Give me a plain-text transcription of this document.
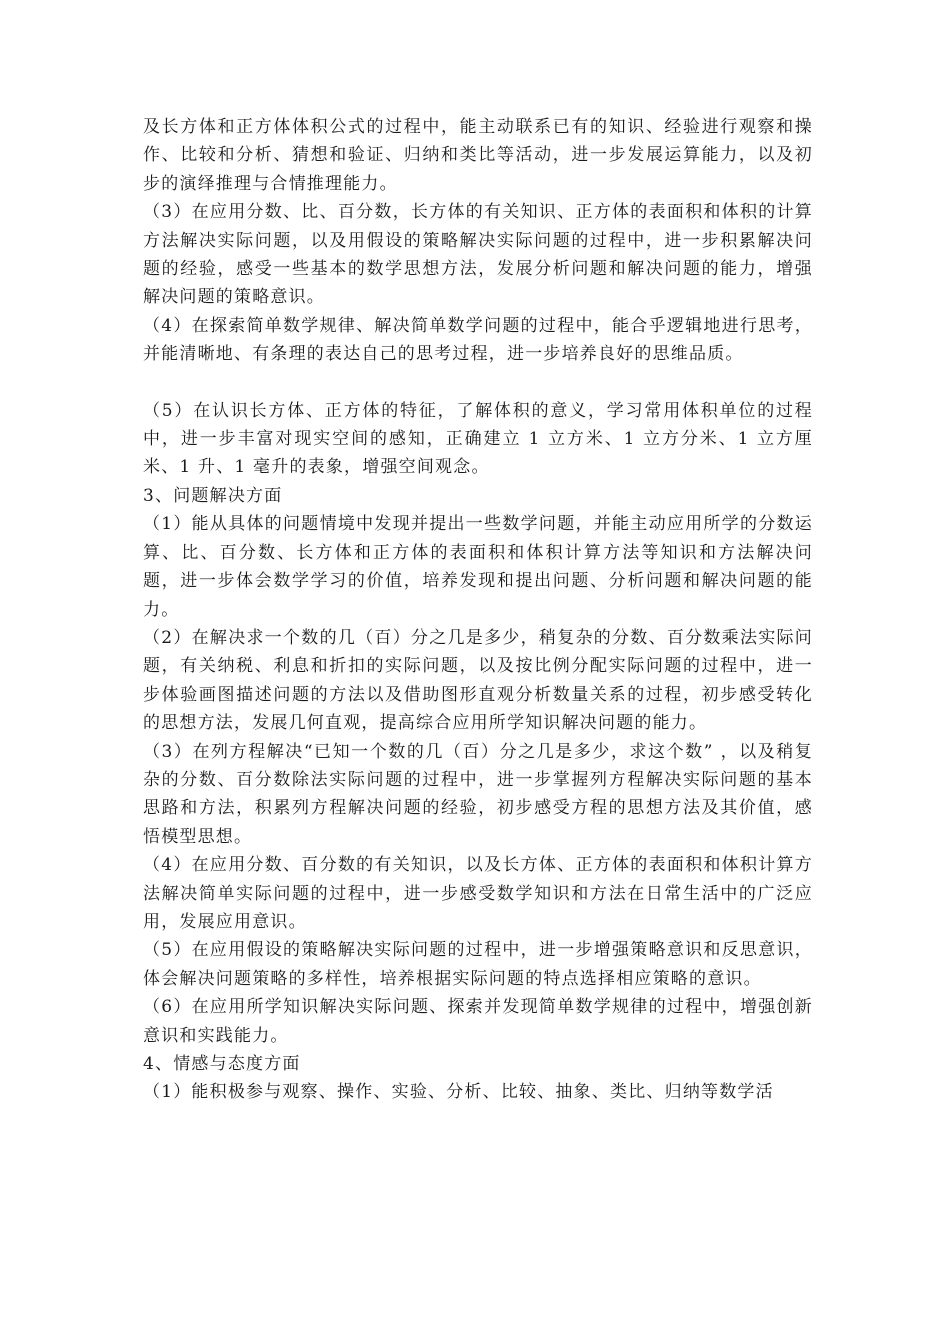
及长方体和正方体体积公式的过程中，能主动联系已有的知识、经验进行观察和操作、比较和分析、猜想和验证、归纳和类比等活动，进一步发展运算能力，以及初步的演绎推理与合情推理能力。

（3）在应用分数、比、百分数，长方体的有关知识、正方体的表面积和体积的计算方法解决实际问题，以及用假设的策略解决实际问题的过程中，进一步积累解决问题的经验，感受一些基本的数学思想方法，发展分析问题和解决问题的能力，增强解决问题的策略意识。

（4）在探索简单数学规律、解决简单数学问题的过程中，能合乎逻辑地进行思考，并能清晰地、有条理的表达自己的思考过程，进一步培养良好的思维品质。

（5）在认识长方体、正方体的特征，了解体积的意义，学习常用体积单位的过程中，进一步丰富对现实空间的感知，正确建立 1 立方米、1 立方分米、1 立方厘米、1 升、1 毫升的表象，增强空间观念。

3、问题解决方面

（1）能从具体的问题情境中发现并提出一些数学问题，并能主动应用所学的分数运算、比、百分数、长方体和正方体的表面积和体积计算方法等知识和方法解决问题，进一步体会数学学习的价值，培养发现和提出问题、分析问题和解决问题的能力。

（2）在解决求一个数的几（百）分之几是多少，稍复杂的分数、百分数乘法实际问题，有关纳税、利息和折扣的实际问题，以及按比例分配实际问题的过程中，进一步体验画图描述问题的方法以及借助图形直观分析数量关系的过程，初步感受转化的思想方法，发展几何直观，提高综合应用所学知识解决问题的能力。

（3）在列方程解决“已知一个数的几（百）分之几是多少，求这个数” ，以及稍复杂的分数、百分数除法实际问题的过程中，进一步掌握列方程解决实际问题的基本思路和方法，积累列方程解决问题的经验，初步感受方程的思想方法及其价值，感悟模型思想。

（4）在应用分数、百分数的有关知识，以及长方体、正方体的表面积和体积计算方法解决简单实际问题的过程中，进一步感受数学知识和方法在日常生活中的广泛应用，发展应用意识。

（5）在应用假设的策略解决实际问题的过程中，进一步增强策略意识和反思意识，体会解决问题策略的多样性，培养根据实际问题的特点选择相应策略的意识。

（6）在应用所学知识解决实际问题、探索并发现简单数学规律的过程中，增强创新意识和实践能力。

4、情感与态度方面

（1）能积极参与观察、操作、实验、分析、比较、抽象、类比、归纳等数学活
